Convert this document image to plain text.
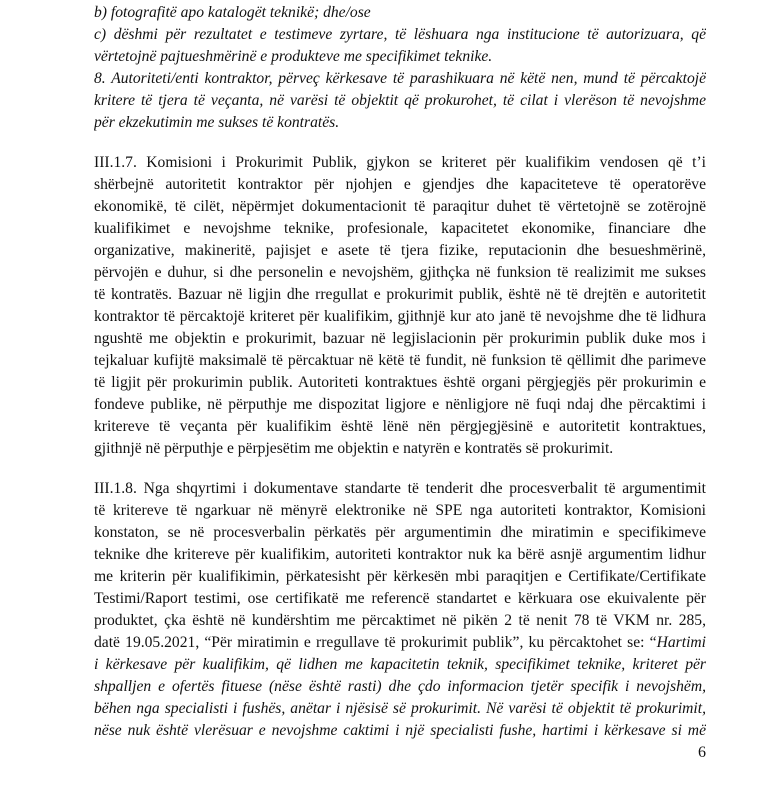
b) fotografitë apo katalogët teknikë; dhe/ose
c) dëshmi për rezultatet e testimeve zyrtare, të lëshuara nga institucione të autorizuara, që
vërtetojnë pajtueshmërinë e produkteve me specifikimet teknike.
8. Autoriteti/enti kontraktor, përveç kërkesave të parashikuara në këtë nen, mund të përcaktojë
kritere të tjera të veçanta, në varësi të objektit që prokurohet, të cilat i vlerëson të nevojshme
për ekzekutimin me sukses të kontratës.
III.1.7. Komisioni i Prokurimit Publik, gjykon se kriteret për kualifikim vendosen që t’i
shërbejnë autoritetit kontraktor për njohjen e gjendjes dhe kapaciteteve të operatorëve
ekonomikë, të cilët, nëpërmjet dokumentacionit të paraqitur duhet të vërtetojnë se zotërojnë
kualifikimet e nevojshme teknike, profesionale, kapacitetet ekonomike, financiare dhe
organizative, makineritë, pajisjet e asete të tjera fizike, reputacionin dhe besueshmërinë,
përvojën e duhur, si dhe personelin e nevojshëm, gjithçka në funksion të realizimit me sukses
të kontratës. Bazuar në ligjin dhe rregullat e prokurimit publik, është në të drejtën e autoritetit
kontraktor të përcaktojë kriteret për kualifikim, gjithnjë kur ato janë të nevojshme dhe të lidhura
ngushtë me objektin e prokurimit, bazuar në legjislacionin për prokurimin publik duke mos i
tejkaluar kufijtë maksimalë të përcaktuar në këtë të fundit, në funksion të qëllimit dhe parimeve
të ligjit për prokurimin publik. Autoriteti kontraktues është organi përgjegjës për prokurimin e
fondeve publike, në përputhje me dispozitat ligjore e nënligjore në fuqi ndaj dhe përcaktimi i
kritereve të veçanta për kualifikim është lënë nën përgjegjësinë e autoritetit kontraktues,
gjithnjë në përputhje e përpjesëtim me objektin e natyrën e kontratës së prokurimit.
III.1.8. Nga shqyrtimi i dokumentave standarte të tenderit dhe procesverbalit të argumentimit
të kritereve të ngarkuar në mënyrë elektronike në SPE nga autoriteti kontraktor, Komisioni
konstaton, se në procesverbalin përkatës për argumentimin dhe miratimin e specifikimeve
teknike dhe kritereve për kualifikim, autoriteti kontraktor nuk ka bërë asnjë argumentim lidhur
me kriterin për kualifikimin, përkatesisht për kërkesën mbi paraqitjen e Certifikate/Certifikate
Testimi/Raport testimi, ose certifikatë me referencë standartet e kërkuara ose ekuivalente për
produktet, çka është në kundërshtim me përcaktimet në pikën 2 të nenit 78 të VKM nr. 285,
datë 19.05.2021, “Për miratimin e rregullave të prokurimit publik”, ku përcaktohet se: “Hartimi
i kërkesave për kualifikim, që lidhen me kapacitetin teknik, specifikimet teknike, kriteret për
shpalljen e ofertës fituese (nëse është rasti) dhe çdo informacion tjetër specifik i nevojshëm,
bëhen nga specialisti i fushës, anëtar i njësisë së prokurimit. Në varësi të objektit të prokurimit,
nëse nuk është vlerësuar e nevojshme caktimi i një specialisti fushe, hartimi i kërkesave si më
6
